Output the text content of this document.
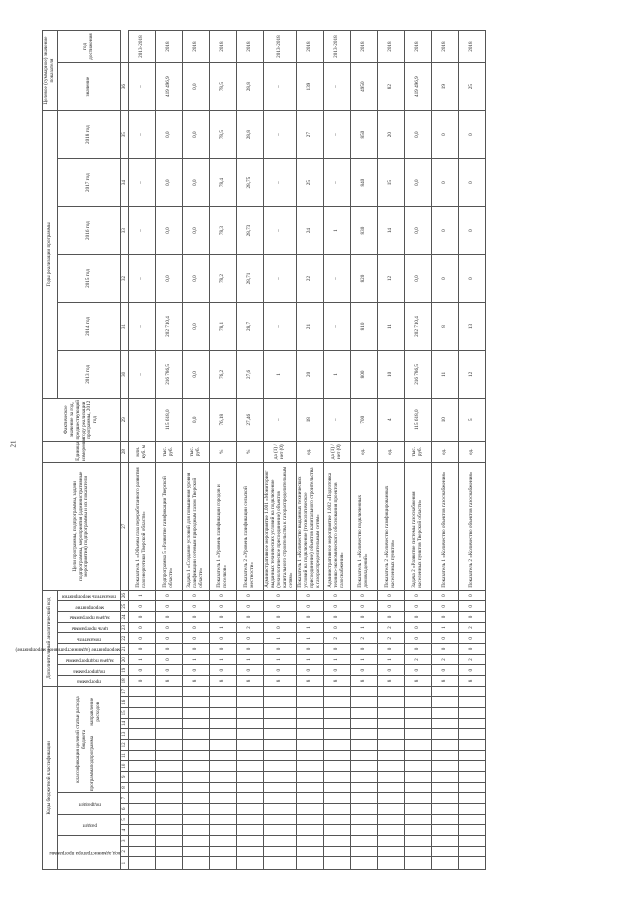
21
Коды бюджетной классификации																	Дополнительный аналитический код									Цели программы, подпрограммы, задачи подпрограммы, мероприятия (административные мероприятия) подпрограммы и их показатели	Единица измерения	Фактическое значение за год, предшествующий году реализации программы, 2012 год	Годы реализации программы						Целевое (суммарное) значение показателя	
код администратора программы			раздел		подраздел		классификация целевой статьи расхода бюджета
программа
подпрограмма
направление расходов										программа	подпрограмма	задача подпрограммы	мероприятие (административное мероприятие)	показатель	цель программы	задача программы	мероприятие	показатель мероприятия				2013 год	2014 год	2015 год	2016 год	2017 год	2018 год	значение	год достижения
1	2	3	4	5	6	7	8	9	10	11	12	13	14	15	16	17	18	19	20	21	22	23	24	25	26	27	28	29	30	31	32	33	34	35	36	
																	0	0	1	0	0	0	0	0	1	Показатель 1 «Объемы газа переработанного развития газоэнергетики Тверской области»	млн. куб. м		–	–	–	–	–	–	–	2013-2018
																	8	0	0	0	0	0	0	0	0	Подпрограмма 5 «Развитие газификации Тверской области»	тыс. руб.	115 618,0	216 786,5	202 710,4	0,0	0,0	0,0	0,0	419 496,9	2018
																	8	0	1	0	0	0	0	0	0	Задача 1 «Создание условий для повышения уровня газификации сетевым природным газом Тверской области»	тыс. руб.	0,0	0,0	0,0	0,0	0,0	0,0	0,0	0,0	2018
																	8	0	1	0	0	1	0	0	0	Показатель 1 «Уровень газификации городов и поселков»	%	76,18	76,2	78,1	78,2	78,3	78,4	78,5	78,5	2018
																	8	0	1	0	0	2	0	0	0	Показатель 2 «Уровень газификации сельской местности»	%	27,46	27,6	28,7	28,71	28,73	28,75	28,8	28,8	2018
																	8	0	1	0	1	0	0	0	0	Административное мероприятие 1.001 «Мониторинг выданных технических условий на подключение (технологическое присоединение) объектов капитального строительства к газораспределительным сетям»	да (1) / нет (0)	–	1	–	–	–	–	–	–	2013-2018
																	8	0	1	0	1	1	0	0	0	Показатель 1 «Количество выданных технических условий на подключение (технологическое присоединение) объектов капитального строительства к газораспределительным сетям»	ед.	18	20	21	22	24	25	27	139	2018
																	8	0	1	0	2	0	0	0	0	Административное мероприятие 1.002 «Подготовка технико-экономического обоснования проектов газоснабжения»	да (1) / нет (0)	–	1	–	–	1	–	–	–	2013-2018
																	8	0	1	0	2	1	0	0	0	Показатель 1 «Количество подключенных домовладений»	ед.	700	800	810	820	830	840	850	4950	2018
																	8	0	1	0	2	2	0	0	0	Показатель 2 «Количество газифицированных населенных пунктов»	ед.	4	10	11	12	14	15	20	82	2018
																	8	0	2	0	0	0	0	0	0	Задача 2 «Развитие системы газоснабжения населенных пунктов Тверской области»	тыс. руб.	115 618,0	216 786,5	202 710,4	0,0	0,0	0,0	0,0	419 496,9	2018
																	8	0	2	0	0	1	0	0	0	Показатель 1 «Количество объектов газоснабжения»	ед.	10	11	8	0	0	0	0	19	2018
																	8	0	2	0	0	2	0	0	0	Показатель 2 «Количество объектов газоснабжения»	ед.	5	12	13	0	0	0	0	25	2018
